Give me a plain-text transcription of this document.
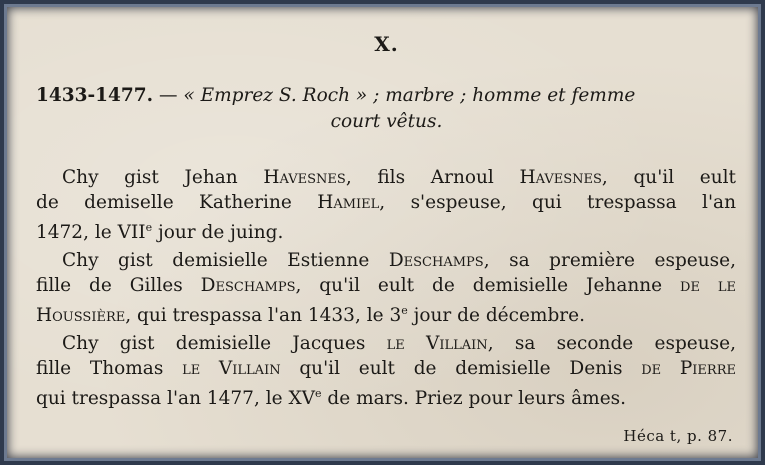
X.
1433-1477. — « Emprez S. Roch » ; marbre ; homme et femme
court vêtus.
Chy gist Jehan Havesnes, fils Arnoul Havesnes, qu'il eult
de demiselle Katherine Hamiel, s'espeuse, qui trespassa l'an
1472, le VIIe jour de juing.
Chy gist demisielle Estienne Deschamps, sa première espeuse,
fille de Gilles Deschamps, qu'il eult de demisielle Jehanne de le
Houssière, qui trespassa l'an 1433, le 3e jour de décembre.
Chy gist demisielle Jacques le Villain, sa seconde espeuse,
fille Thomas le Villain qu'il eult de demisielle Denis de Pierre
qui trespassa l'an 1477, le XVe de mars. Priez pour leurs âmes.
Héca t, p. 87.
